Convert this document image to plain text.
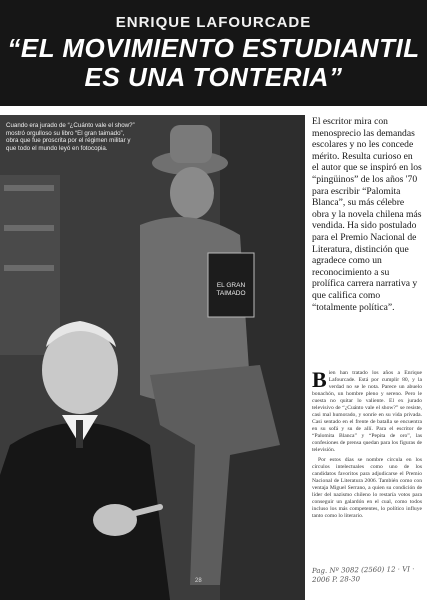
ENRIQUE LAFOURCADE
“EL MOVIMIENTO ESTUDIANTIL ES UNA TONTERIA”
EL GRAN TAIMADO
Cuando era jurado de “¿Cuánto vale el show?” mostró orgulloso su libro “El gran taimado”, obra que fue proscrita por el régimen militar y que todo el mundo leyó en fotocopia.
28
El escritor mira con menosprecio las demandas escolares y no les concede mérito. Resulta curioso en el autor que se inspiró en los “pingüinos” de los años '70 para escribir “Palomita Blanca”, su más célebre obra y la novela chilena más vendida. Ha sido postulado para el Premio Nacional de Literatura, distinción que agradece como un reconocimiento a su prolífica carrera narrativa y que califica como “totalmente política”.
B ien han tratado los años a Enrique Lafourcade. Está por cumplir 80, y la verdad no se le nota. Parece un abuelo bonachón, un hombre pleno y sereno. Pero le cuesta no quitar lo valiente. El ex jurado televisivo de “¿Cuánto vale el show?” se resiste, casi mal humorado, y sonríe en su vida privada. Casi sentado en el frente de batalla se encuentra en su sofá y su de allí. Para el escritor de “Palomita Blanca” y “Pepita de oro”, las confesiones de prensa quedan para los figuras de televisión.
Por estos días se nombre circula en los círculos intelectuales como uno de los candidatos favoritos para adjudicarse el Premio Nacional de Literatura 2006. También como con ventaja Miguel Serrano, a quien su condición de líder del nazismo chileno lo restaría votos para conseguir un galardón en el cual, como todos incluso los más competentes, lo político influye tanto como lo literario.
Pag. Nº 3082 (2560) 12 · VI · 2006 P. 28-30
